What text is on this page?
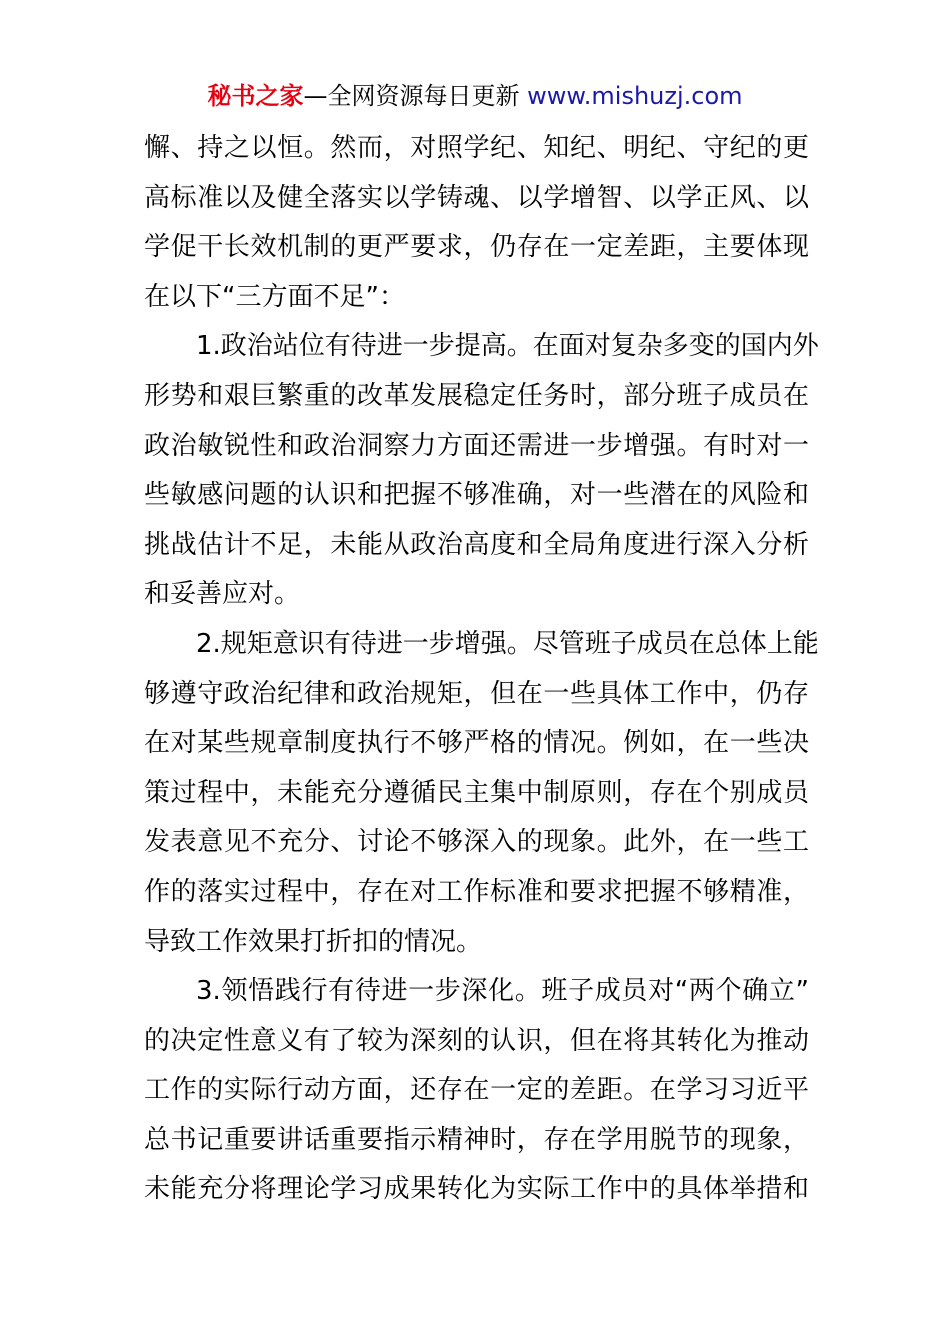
秘书之家—全网资源每日更新 www.mishuzj.com
懈、持之以恒。然而，对照学纪、知纪、明纪、守纪的更
高标准以及健全落实以学铸魂、以学增智、以学正风、以
学促干长效机制的更严要求，仍存在一定差距，主要体现
在以下“三方面不足”：
1.政治站位有待进一步提高。在面对复杂多变的国内外
形势和艰巨繁重的改革发展稳定任务时，部分班子成员在
政治敏锐性和政治洞察力方面还需进一步增强。有时对一
些敏感问题的认识和把握不够准确，对一些潜在的风险和
挑战估计不足，未能从政治高度和全局角度进行深入分析
和妥善应对。
2.规矩意识有待进一步增强。尽管班子成员在总体上能
够遵守政治纪律和政治规矩，但在一些具体工作中，仍存
在对某些规章制度执行不够严格的情况。例如，在一些决
策过程中，未能充分遵循民主集中制原则，存在个别成员
发表意见不充分、讨论不够深入的现象。此外，在一些工
作的落实过程中，存在对工作标准和要求把握不够精准，
导致工作效果打折扣的情况。
3.领悟践行有待进一步深化。班子成员对“两个确立”
的决定性意义有了较为深刻的认识，但在将其转化为推动
工作的实际行动方面，还存在一定的差距。在学习习近平
总书记重要讲话重要指示精神时，存在学用脱节的现象，
未能充分将理论学习成果转化为实际工作中的具体举措和
